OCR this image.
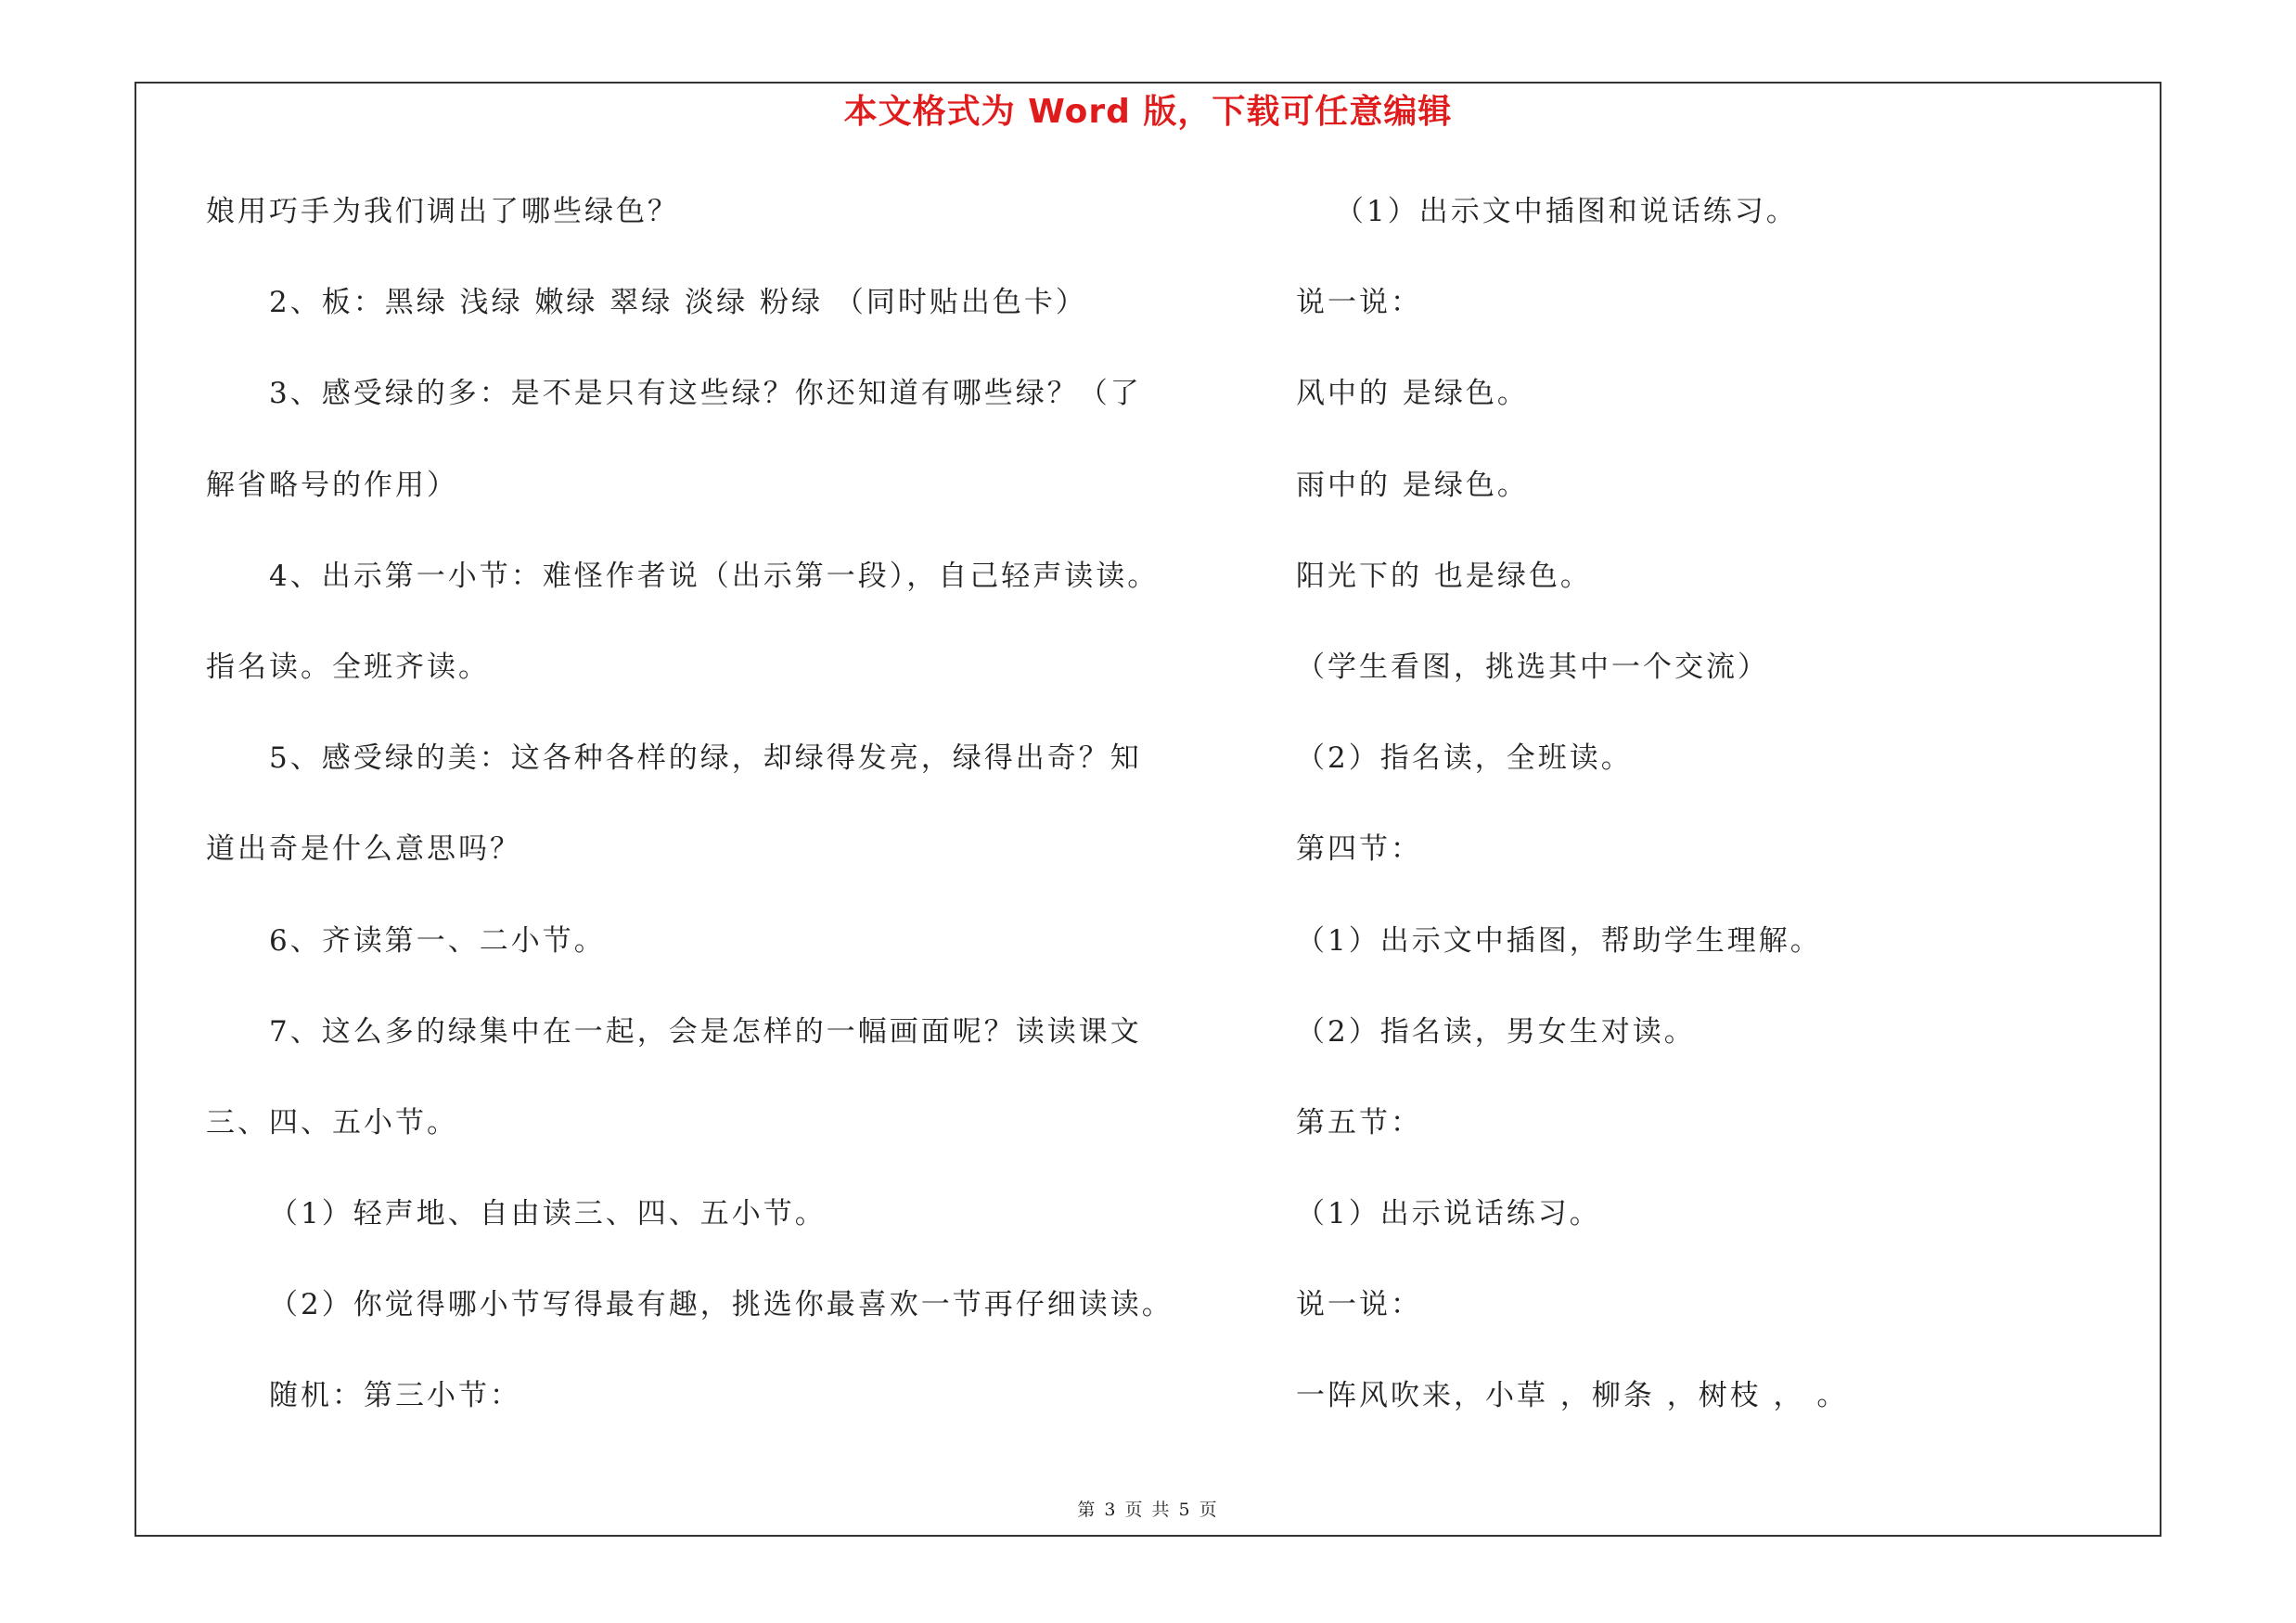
本文格式为 Word 版，下载可任意编辑
娘用巧手为我们调出了哪些绿色？
2、板：黑绿 浅绿 嫩绿 翠绿 淡绿 粉绿 （同时贴出色卡）
3、感受绿的多：是不是只有这些绿？你还知道有哪些绿？（了
解省略号的作用）
4、出示第一小节：难怪作者说（出示第一段），自己轻声读读。
指名读。全班齐读。
5、感受绿的美：这各种各样的绿，却绿得发亮，绿得出奇？知
道出奇是什么意思吗？
6、齐读第一、二小节。
7、这么多的绿集中在一起，会是怎样的一幅画面呢？读读课文
三、四、五小节。
（1）轻声地、自由读三、四、五小节。
（2）你觉得哪小节写得最有趣，挑选你最喜欢一节再仔细读读。
随机：第三小节：
（1）出示文中插图和说话练习。
说一说：
风中的 是绿色。
雨中的 是绿色。
阳光下的 也是绿色。
（学生看图，挑选其中一个交流）
（2）指名读，全班读。
第四节：
（1）出示文中插图，帮助学生理解。
（2）指名读，男女生对读。
第五节：
（1）出示说话练习。
说一说：
一阵风吹来，小草 ，柳条 ，树枝 ， 。
第 3 页 共 5 页
